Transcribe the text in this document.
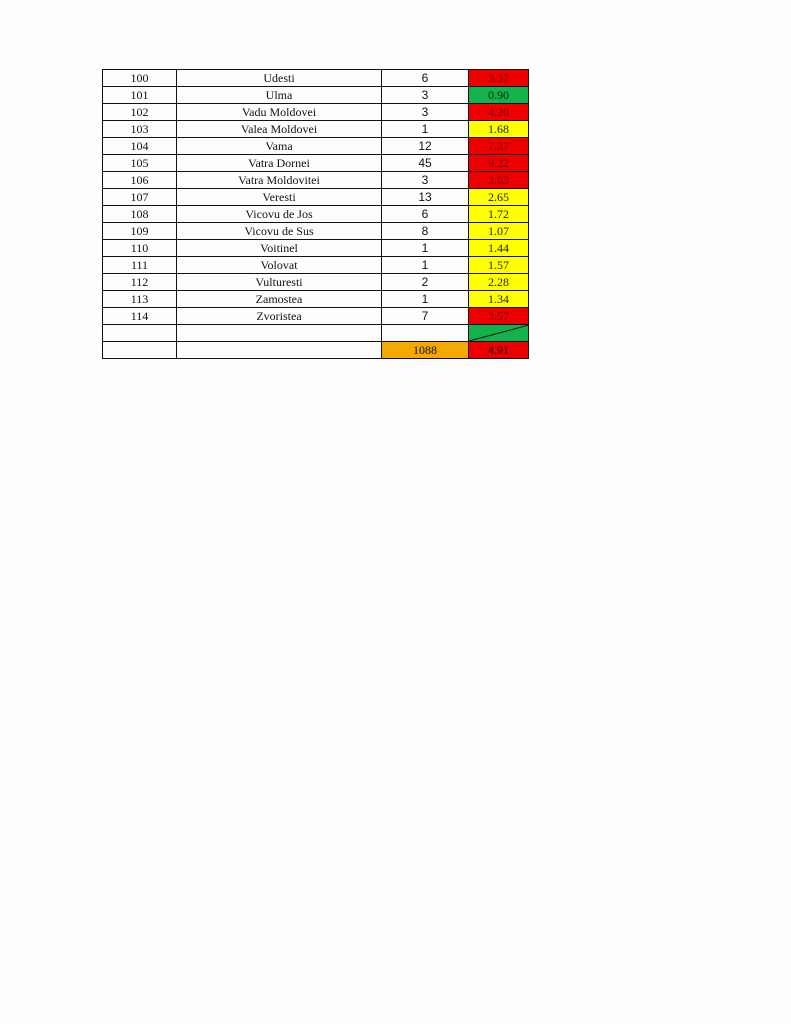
100	Udesti	6	3.37
101	Ulma	3	0.90
102	Vadu Moldovei	3	4.20
103	Valea Moldovei	1	1.68
104	Vama	12	7.37
105	Vatra Dornei	45	9.22
106	Vatra Moldovitei	3	3.63
107	Veresti	13	2.65
108	Vicovu de Jos	6	1.72
109	Vicovu de Sus	8	1.07
110	Voitinel	1	1.44
111	Volovat	1	1.57
112	Vulturesti	2	2.28
113	Zamostea	1	1.34
114	Zvoristea	7	3.57

		1088	4.91
